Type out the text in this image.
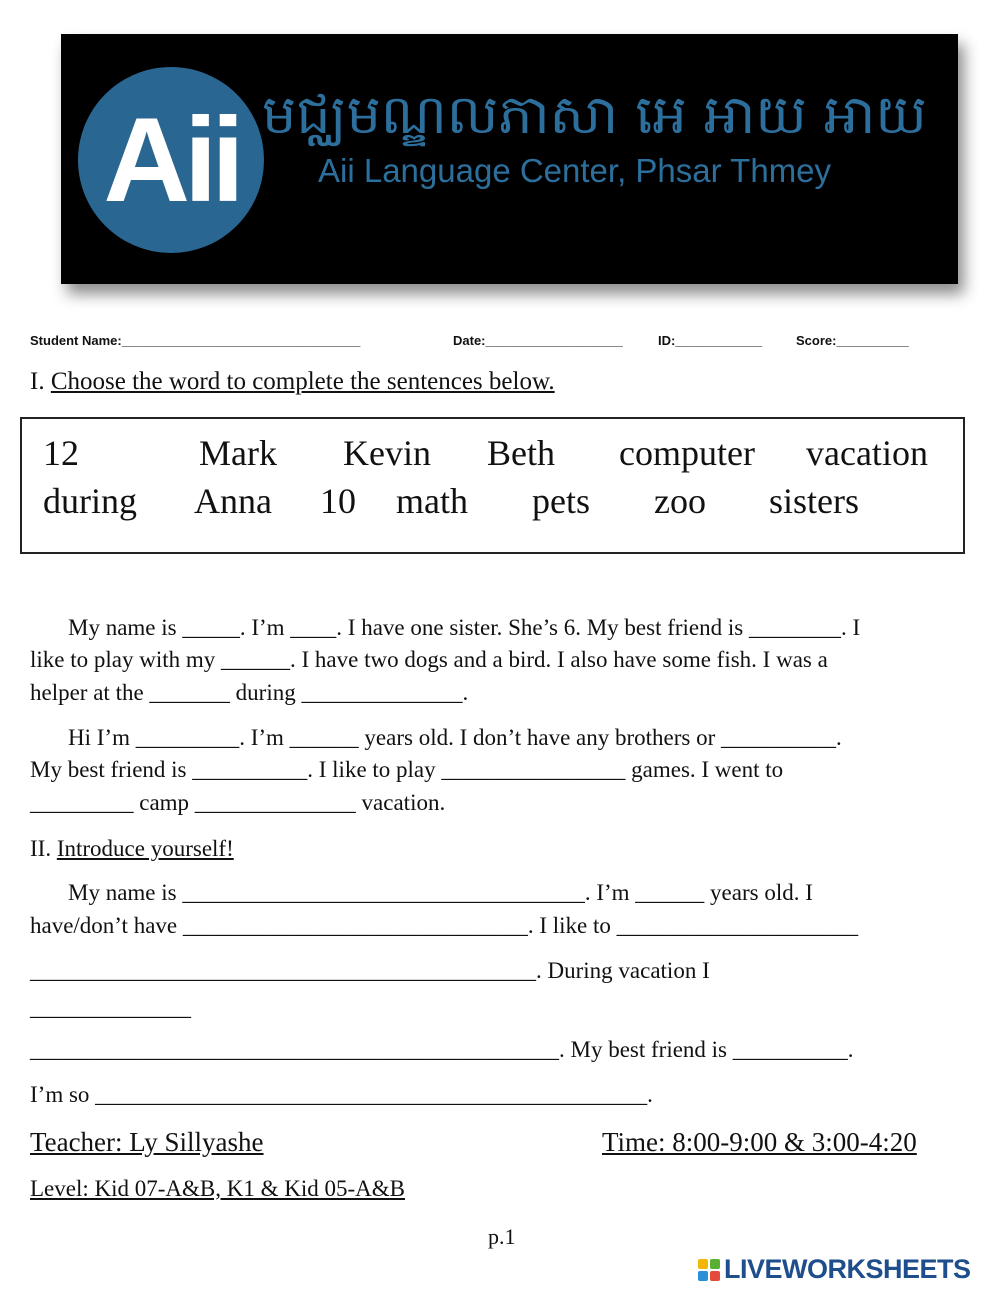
Aii មជ្ឈមណ្ឌលភាសា អេ អាយ អាយ
Aii Language Center, Phsar Thmey
Student Name:_________________________________	Date:___________________	ID:____________	Score:__________
I. Choose the word to complete the sentences below.
12	Mark Kevin Beth computer vacation
during Anna 10 math pets zoo sisters
My name is _____. I’m ____. I have one sister. She’s 6. My best friend is ________. I
like to play with my ______. I have two dogs and a bird. I also have some fish. I was a
helper at the _______ during ______________.
Hi I’m _________. I’m ______ years old. I don’t have any brothers or __________.
My best friend is __________. I like to play ________________ games. I went to
_________ camp ______________ vacation.
II. Introduce yourself!
My name is ___________________________________. I’m ______ years old. I
have/don’t have ______________________________. I like to _____________________
____________________________________________. During vacation I
______________
______________________________________________. My best friend is __________.
I’m so ________________________________________________.
Teacher: Ly Sillyashe	Time: 8:00-9:00 & 3:00-4:20
Level: Kid 07-A&B, K1 & Kid 05-A&B
p.1
LIVEWORKSHEETS
